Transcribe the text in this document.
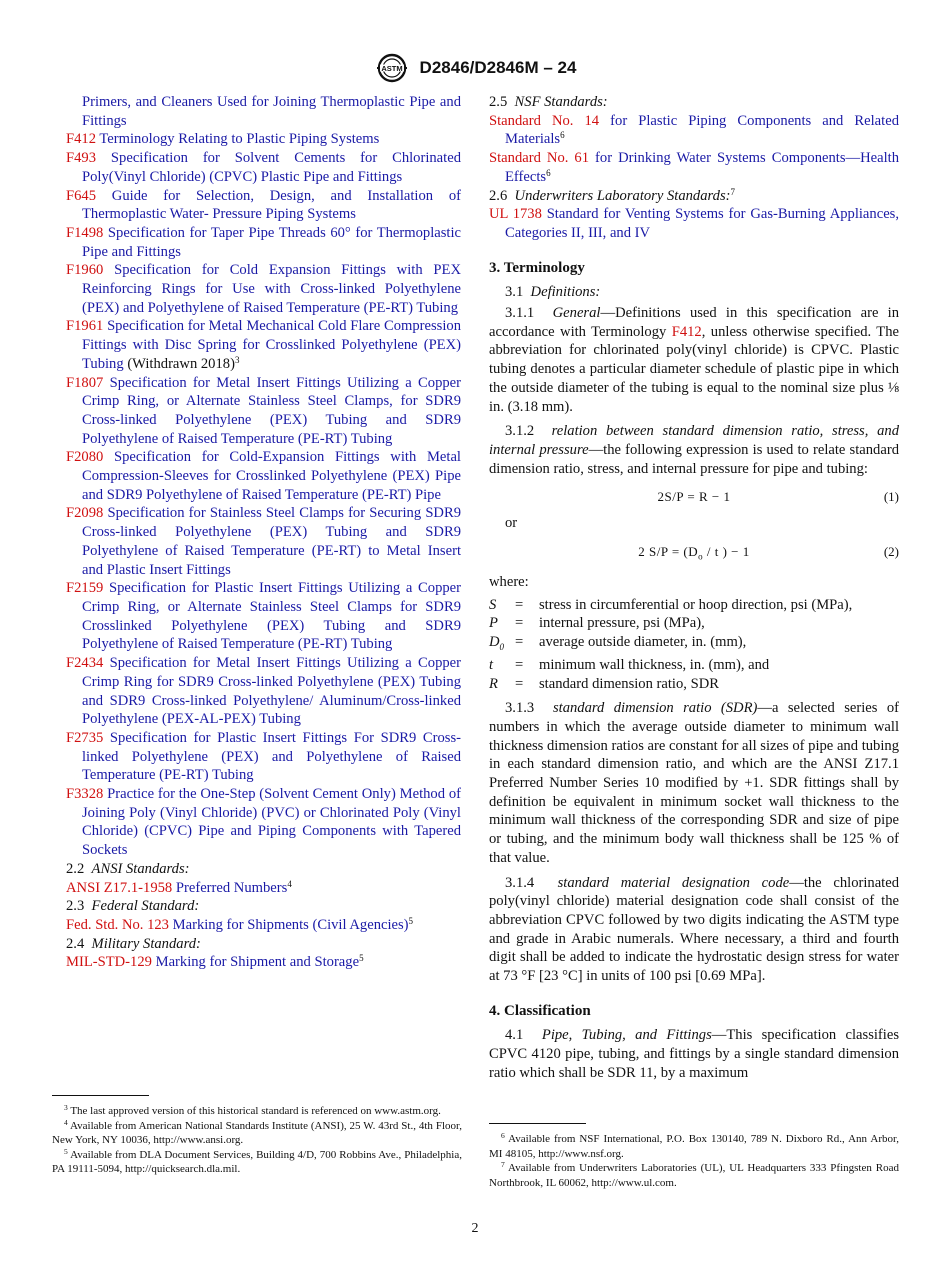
ASTM D2846/D2846M – 24
Primers, and Cleaners Used for Joining Thermoplastic Pipe and Fittings
F412 Terminology Relating to Plastic Piping Systems
F493 Specification for Solvent Cements for Chlorinated Poly(Vinyl Chloride) (CPVC) Plastic Pipe and Fittings
F645 Guide for Selection, Design, and Installation of Thermoplastic Water- Pressure Piping Systems
F1498 Specification for Taper Pipe Threads 60° for Thermoplastic Pipe and Fittings
F1960 Specification for Cold Expansion Fittings with PEX Reinforcing Rings for Use with Cross-linked Polyethylene (PEX) and Polyethylene of Raised Temperature (PE-RT) Tubing
F1961 Specification for Metal Mechanical Cold Flare Compression Fittings with Disc Spring for Crosslinked Polyethylene (PEX) Tubing (Withdrawn 2018)$^3$
F1807 Specification for Metal Insert Fittings Utilizing a Copper Crimp Ring, or Alternate Stainless Steel Clamps, for SDR9 Cross-linked Polyethylene (PEX) Tubing and SDR9 Polyethylene of Raised Temperature (PE-RT) Tubing
F2080 Specification for Cold-Expansion Fittings with Metal Compression-Sleeves for Crosslinked Polyethylene (PEX) Pipe and SDR9 Polyethylene of Raised Temperature (PE-RT) Pipe
F2098 Specification for Stainless Steel Clamps for Securing SDR9 Cross-linked Polyethylene (PEX) Tubing and SDR9 Polyethylene of Raised Temperature (PE-RT) to Metal Insert and Plastic Insert Fittings
F2159 Specification for Plastic Insert Fittings Utilizing a Copper Crimp Ring, or Alternate Stainless Steel Clamps for SDR9 Crosslinked Polyethylene (PEX) Tubing and SDR9 Polyethylene of Raised Temperature (PE-RT) Tubing
F2434 Specification for Metal Insert Fittings Utilizing a Copper Crimp Ring for SDR9 Cross-linked Polyethylene (PEX) Tubing and SDR9 Cross-linked Polyethylene/ Aluminum/Cross-linked Polyethylene (PEX-AL-PEX) Tubing
F2735 Specification for Plastic Insert Fittings For SDR9 Cross-linked Polyethylene (PEX) and Polyethylene of Raised Temperature (PE-RT) Tubing
F3328 Practice for the One-Step (Solvent Cement Only) Method of Joining Poly (Vinyl Chloride) (PVC) or Chlorinated Poly (Vinyl Chloride) (CPVC) Pipe and Piping Components with Tapered Sockets
2.2 ANSI Standards:
ANSI Z17.1-1958 Preferred Numbers$^4$
2.3 Federal Standard:
Fed. Std. No. 123 Marking for Shipments (Civil Agencies)$^5$
2.4 Military Standard:
MIL-STD-129 Marking for Shipment and Storage$^5$
2.5 NSF Standards:
Standard No. 14 for Plastic Piping Components and Related Materials$^6$
Standard No. 61 for Drinking Water Systems Components—Health Effects$^6$
2.6 Underwriters Laboratory Standards:$^7$
UL 1738 Standard for Venting Systems for Gas-Burning Appliances, Categories II, III, and IV
3. Terminology
3.1 Definitions:
3.1.1 General—Definitions used in this specification are in accordance with Terminology F412, unless otherwise specified. The abbreviation for chlorinated poly(vinyl chloride) is CPVC. Plastic tubing denotes a particular diameter schedule of plastic pipe in which the outside diameter of the tubing is equal to the nominal size plus ⅛ in. (3.18 mm).
3.1.2 relation between standard dimension ratio, stress, and internal pressure—the following expression is used to relate standard dimension ratio, stress, and internal pressure for pipe and tubing:
2S/P = R − 1	(1)
or
2 $S/P = (D_o / t$ ) − 1	(2)
where:
S	=	stress in circumferential or hoop direction, psi (MPa),
P	=	internal pressure, psi (MPa),
$D_0$ =	average outside diameter, in. (mm),
t	=	minimum wall thickness, in. (mm), and
R	=	standard dimension ratio, SDR
3.1.3 standard dimension ratio (SDR)—a selected series of numbers in which the average outside diameter to minimum wall thickness dimension ratios are constant for all sizes of pipe and tubing in each standard dimension ratio, and which are the ANSI Z17.1 Preferred Number Series 10 modified by +1. SDR fittings shall by definition be equivalent in minimum socket wall thickness to the minimum wall thickness of the corresponding SDR and size of pipe or tubing, and the minimum body wall thickness shall be 125 % of that value.
3.1.4 standard material designation code—the chlorinated poly(vinyl chloride) material designation code shall consist of the abbreviation CPVC followed by two digits indicating the ASTM type and grade in Arabic numerals. Where necessary, a third and fourth digit shall be added to indicate the hydrostatic design stress for water at 73 °F [23 °C] in units of 100 psi [0.69 MPa].
4. Classification
4.1 Pipe, Tubing, and Fittings—This specification classifies CPVC 4120 pipe, tubing, and fittings by a single standard dimension ratio which shall be SDR 11, by a maximum
$^3$ The last approved version of this historical standard is referenced on www.astm.org.
$^4$ Available from American National Standards Institute (ANSI), 25 W. 43rd St., 4th Floor, New York, NY 10036, http://www.ansi.org.
$^5$ Available from DLA Document Services, Building 4/D, 700 Robbins Ave., Philadelphia, PA 19111-5094, http://quicksearch.dla.mil.
$^6$ Available from NSF International, P.O. Box 130140, 789 N. Dixboro Rd., Ann Arbor, MI 48105, http://www.nsf.org.
$^7$ Available from Underwriters Laboratories (UL), UL Headquarters 333 Pfingsten Road Northbrook, IL 60062, http://www.ul.com.
2
